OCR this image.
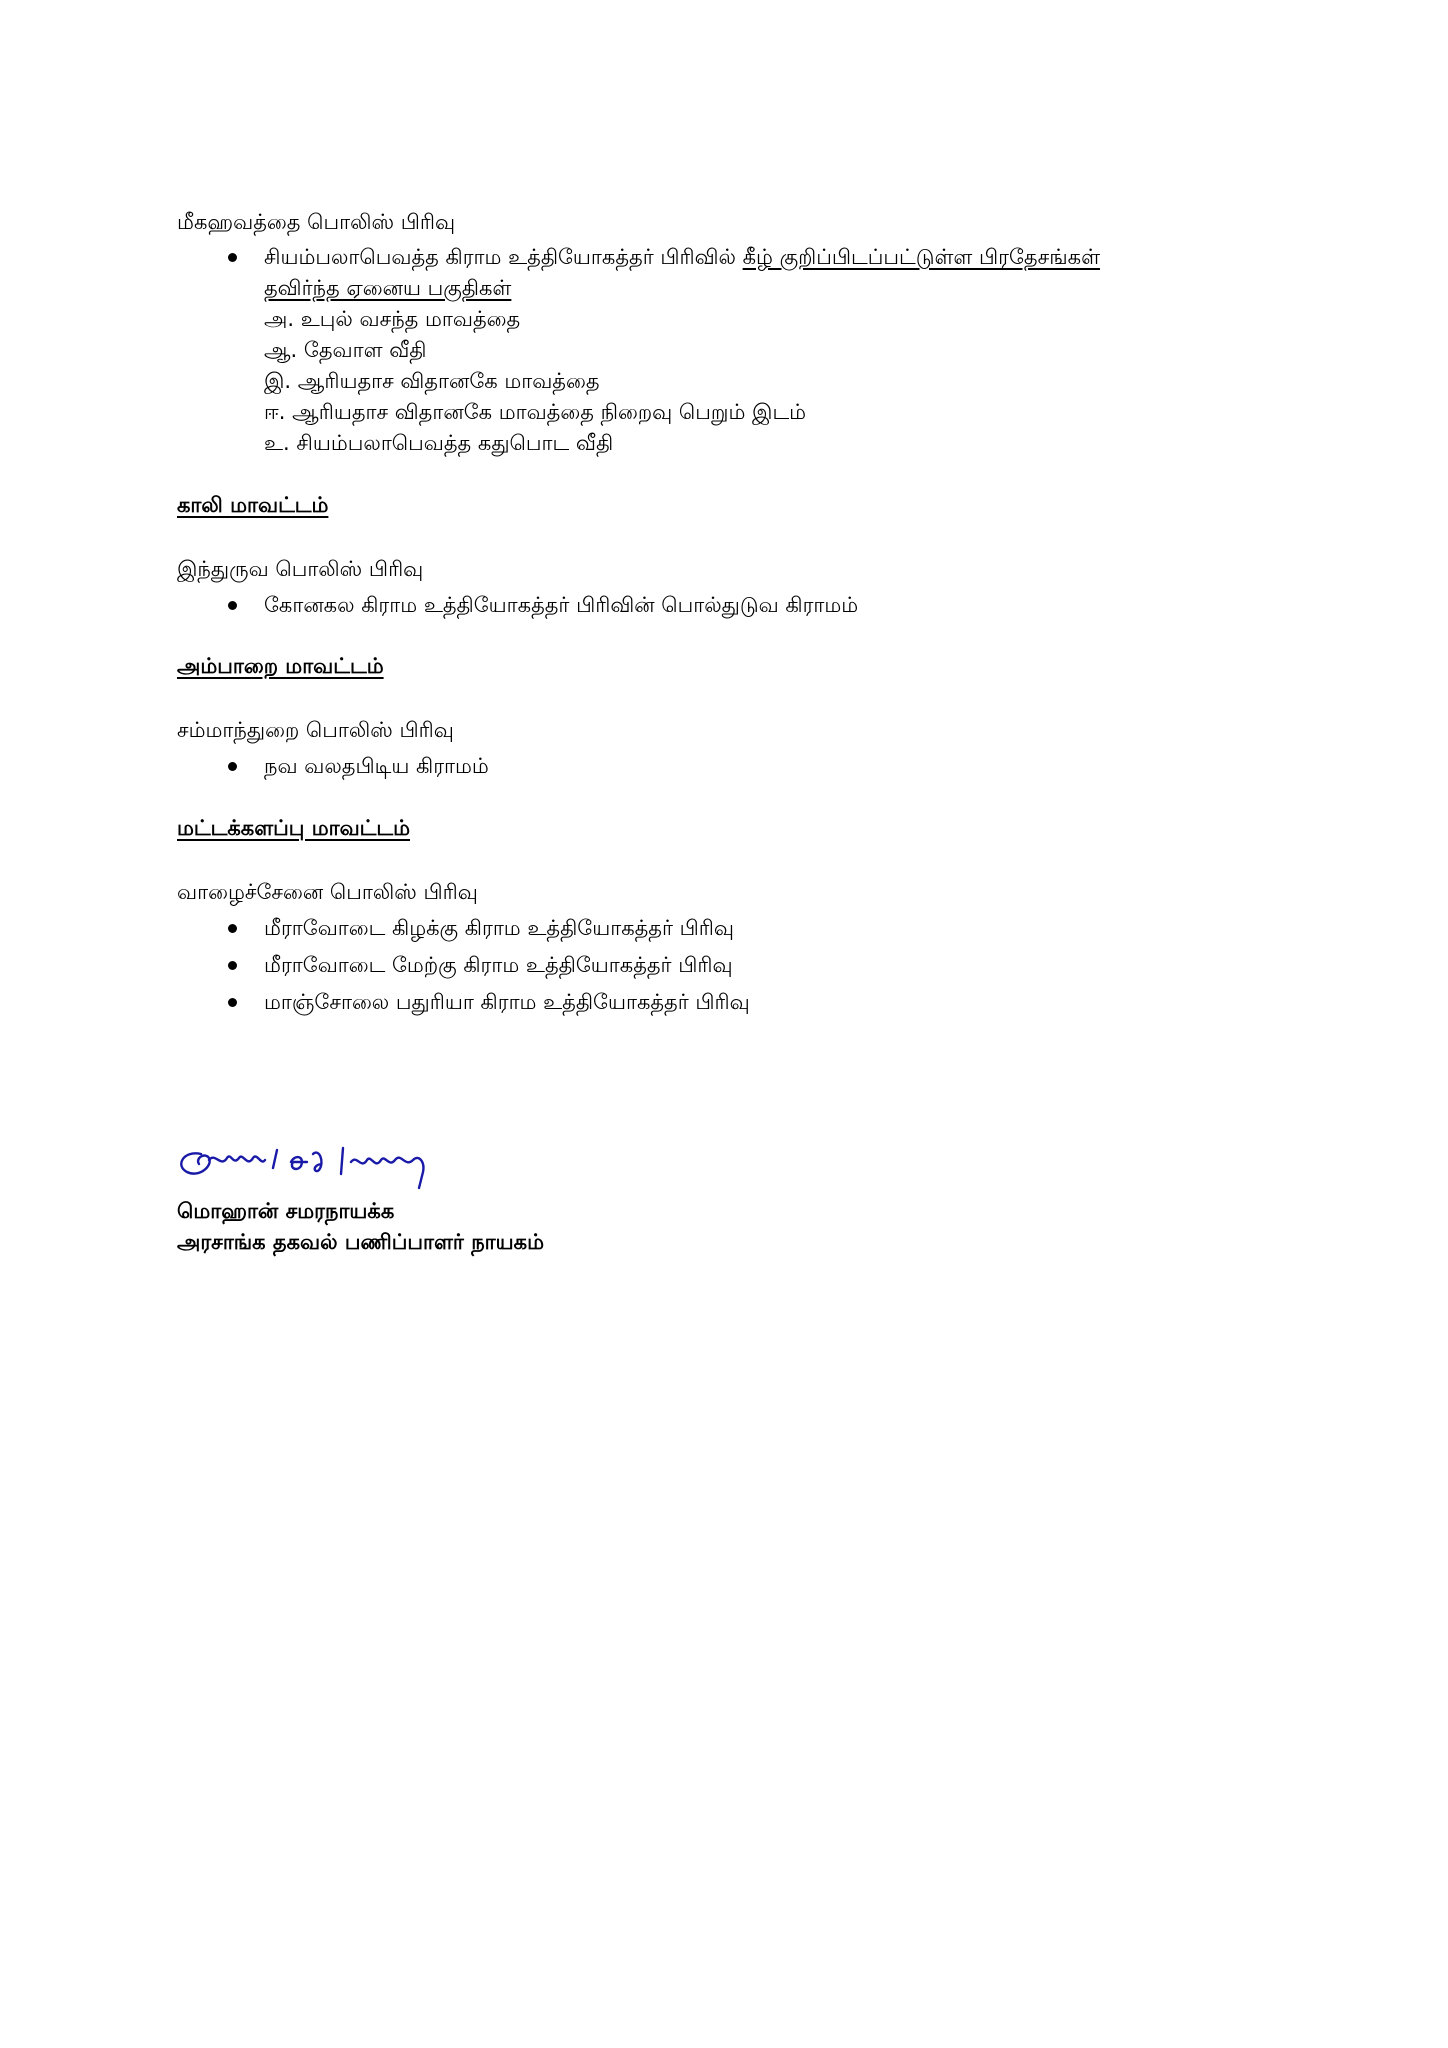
மீகஹவத்தை பொலிஸ் பிரிவு
சியம்பலாபெவத்த கிராம உத்தியோகத்தர் பிரிவில் கீழ் குறிப்பிடப்பட்டுள்ள பிரதேசங்கள்
தவிர்ந்த ஏனைய பகுதிகள்
அ. உபுல் வசந்த மாவத்தை
ஆ. தேவாள வீதி
இ. ஆரியதாச விதானகே மாவத்தை
ஈ. ஆரியதாச விதானகே மாவத்தை நிறைவு பெறும் இடம்
உ. சியம்பலாபெவத்த கதுபொட வீதி
காலி மாவட்டம்
இந்துருவ பொலிஸ் பிரிவு
கோனகல கிராம உத்தியோகத்தர் பிரிவின் பொல்துடுவ கிராமம்
அம்பாறை மாவட்டம்
சம்மாந்துறை பொலிஸ் பிரிவு
நவ வலதபிடிய கிராமம்
மட்டக்களப்பு மாவட்டம்
வாழைச்சேனை பொலிஸ் பிரிவு
மீராவோடை கிழக்கு கிராம உத்தியோகத்தர் பிரிவு
மீராவோடை மேற்கு கிராம உத்தியோகத்தர் பிரிவு
மாஞ்சோலை பதுரியா கிராம உத்தியோகத்தர் பிரிவு
மொஹான் சமரநாயக்க
அரசாங்க தகவல் பணிப்பாளர் நாயகம்
